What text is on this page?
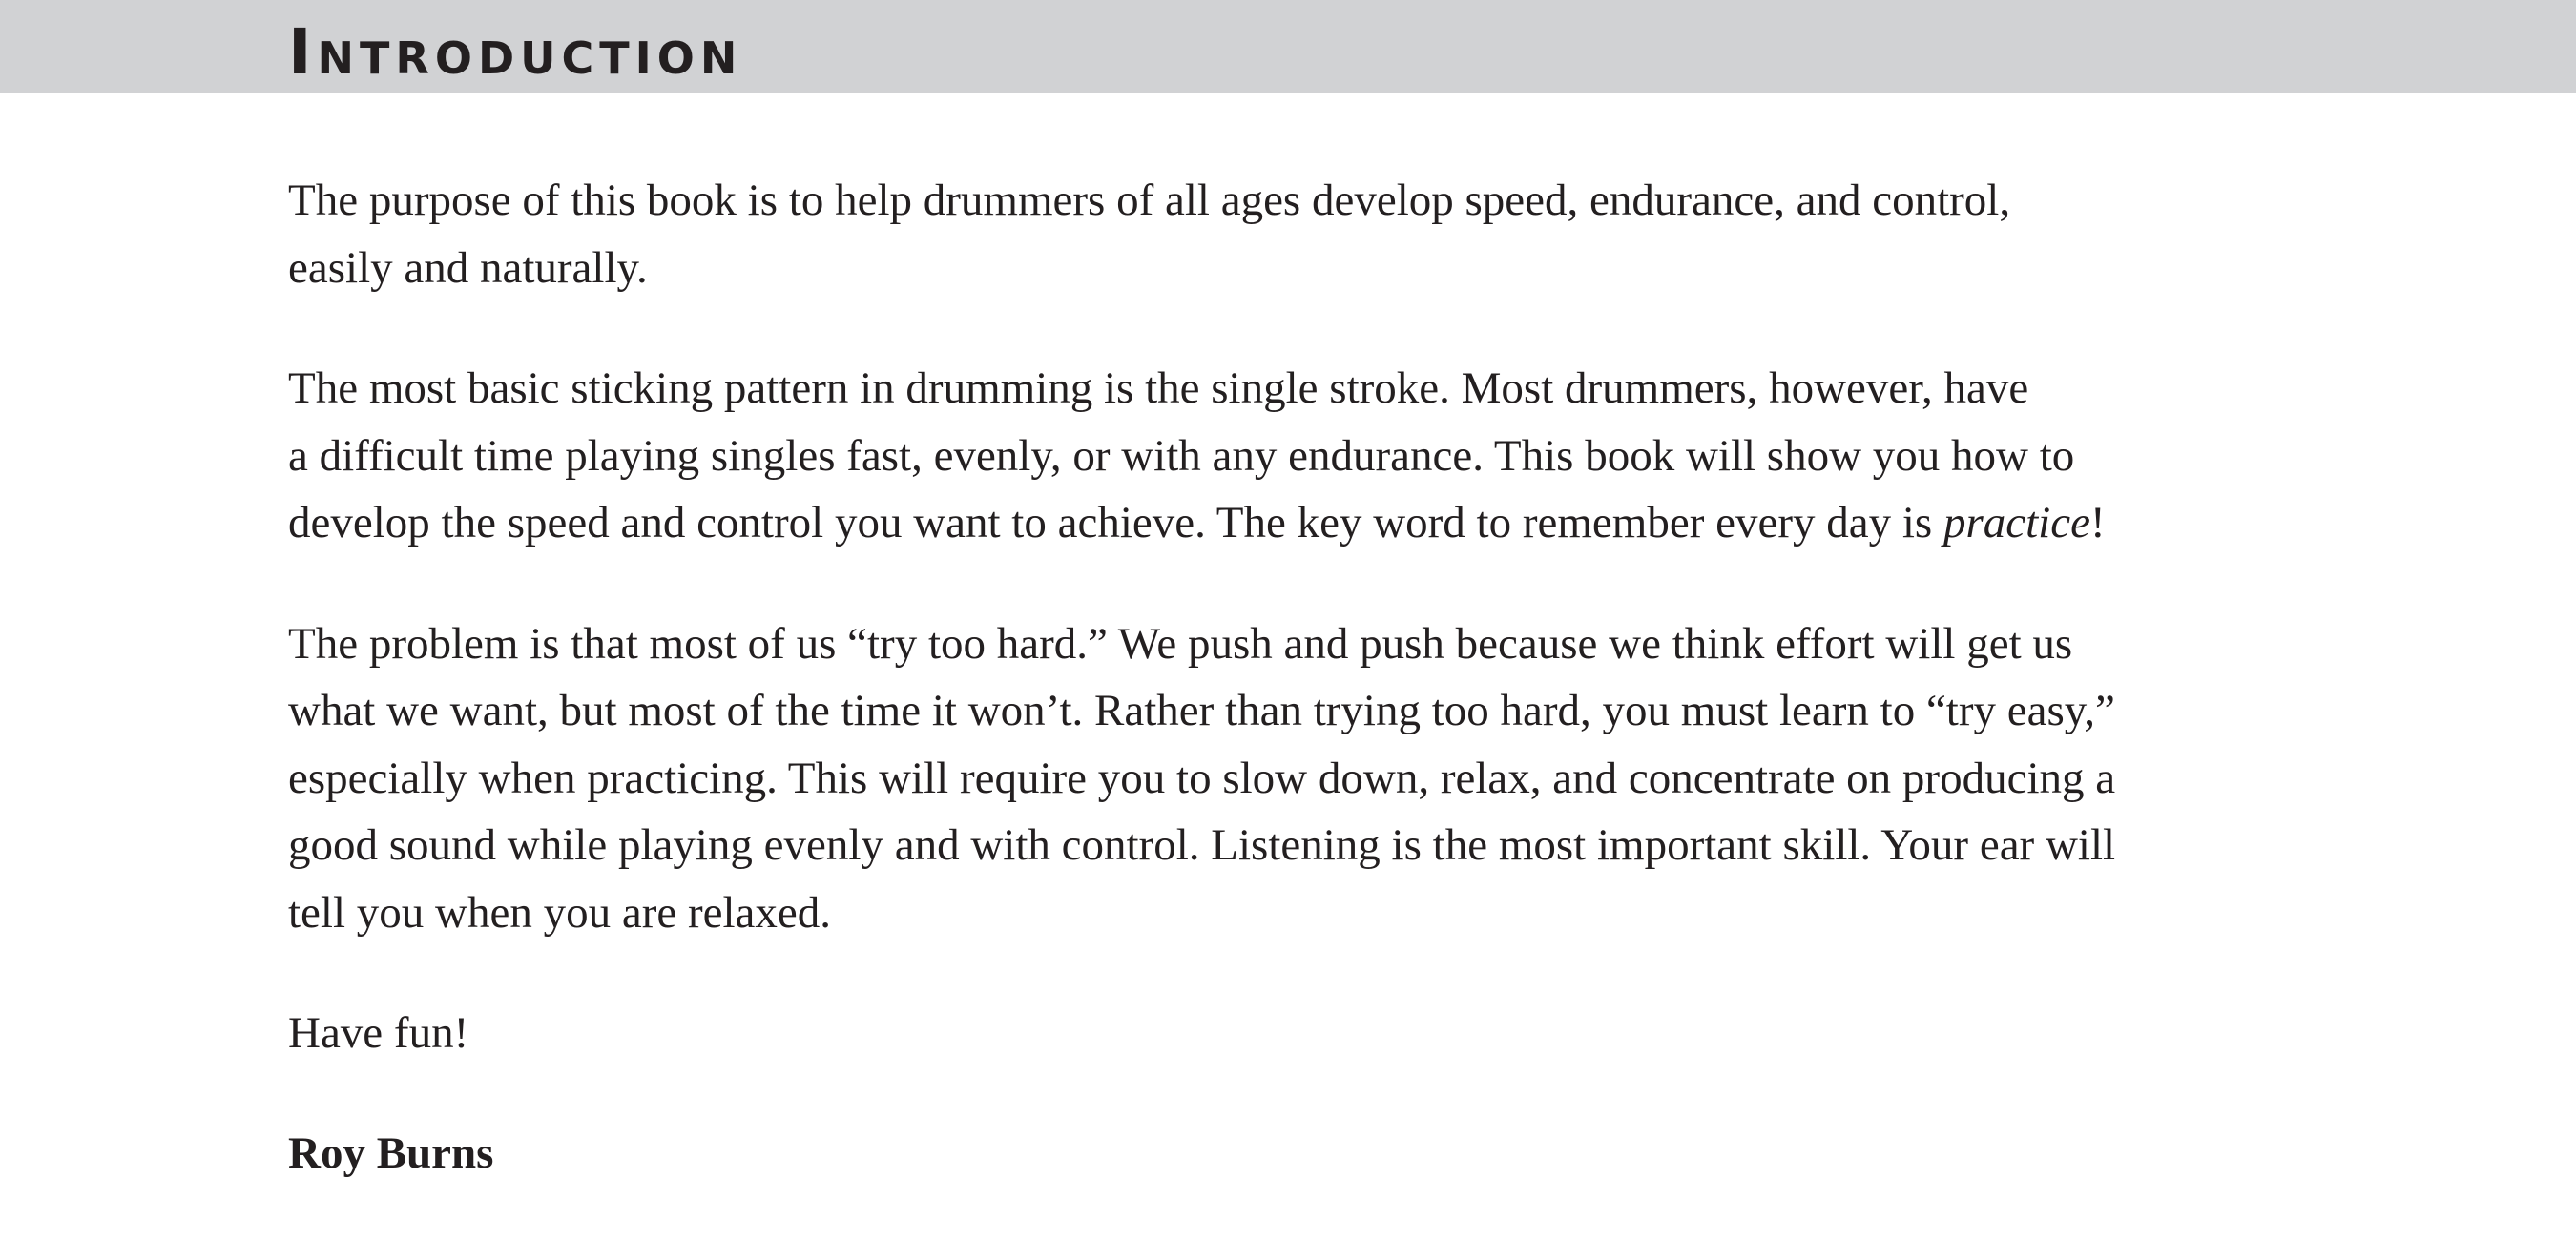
Introduction

The purpose of this book is to help drummers of all ages develop speed, endurance, and control,
easily and naturally.

The most basic sticking pattern in drumming is the single stroke. Most drummers, however, have
a difficult time playing singles fast, evenly, or with any endurance. This book will show you how to
develop the speed and control you want to achieve. The key word to remember every day is practice!

The problem is that most of us “try too hard.” We push and push because we think effort will get us
what we want, but most of the time it won’t. Rather than trying too hard, you must learn to “try easy,”
especially when practicing. This will require you to slow down, relax, and concentrate on producing a
good sound while playing evenly and with control. Listening is the most important skill. Your ear will
tell you when you are relaxed.

Have fun!

Roy Burns
